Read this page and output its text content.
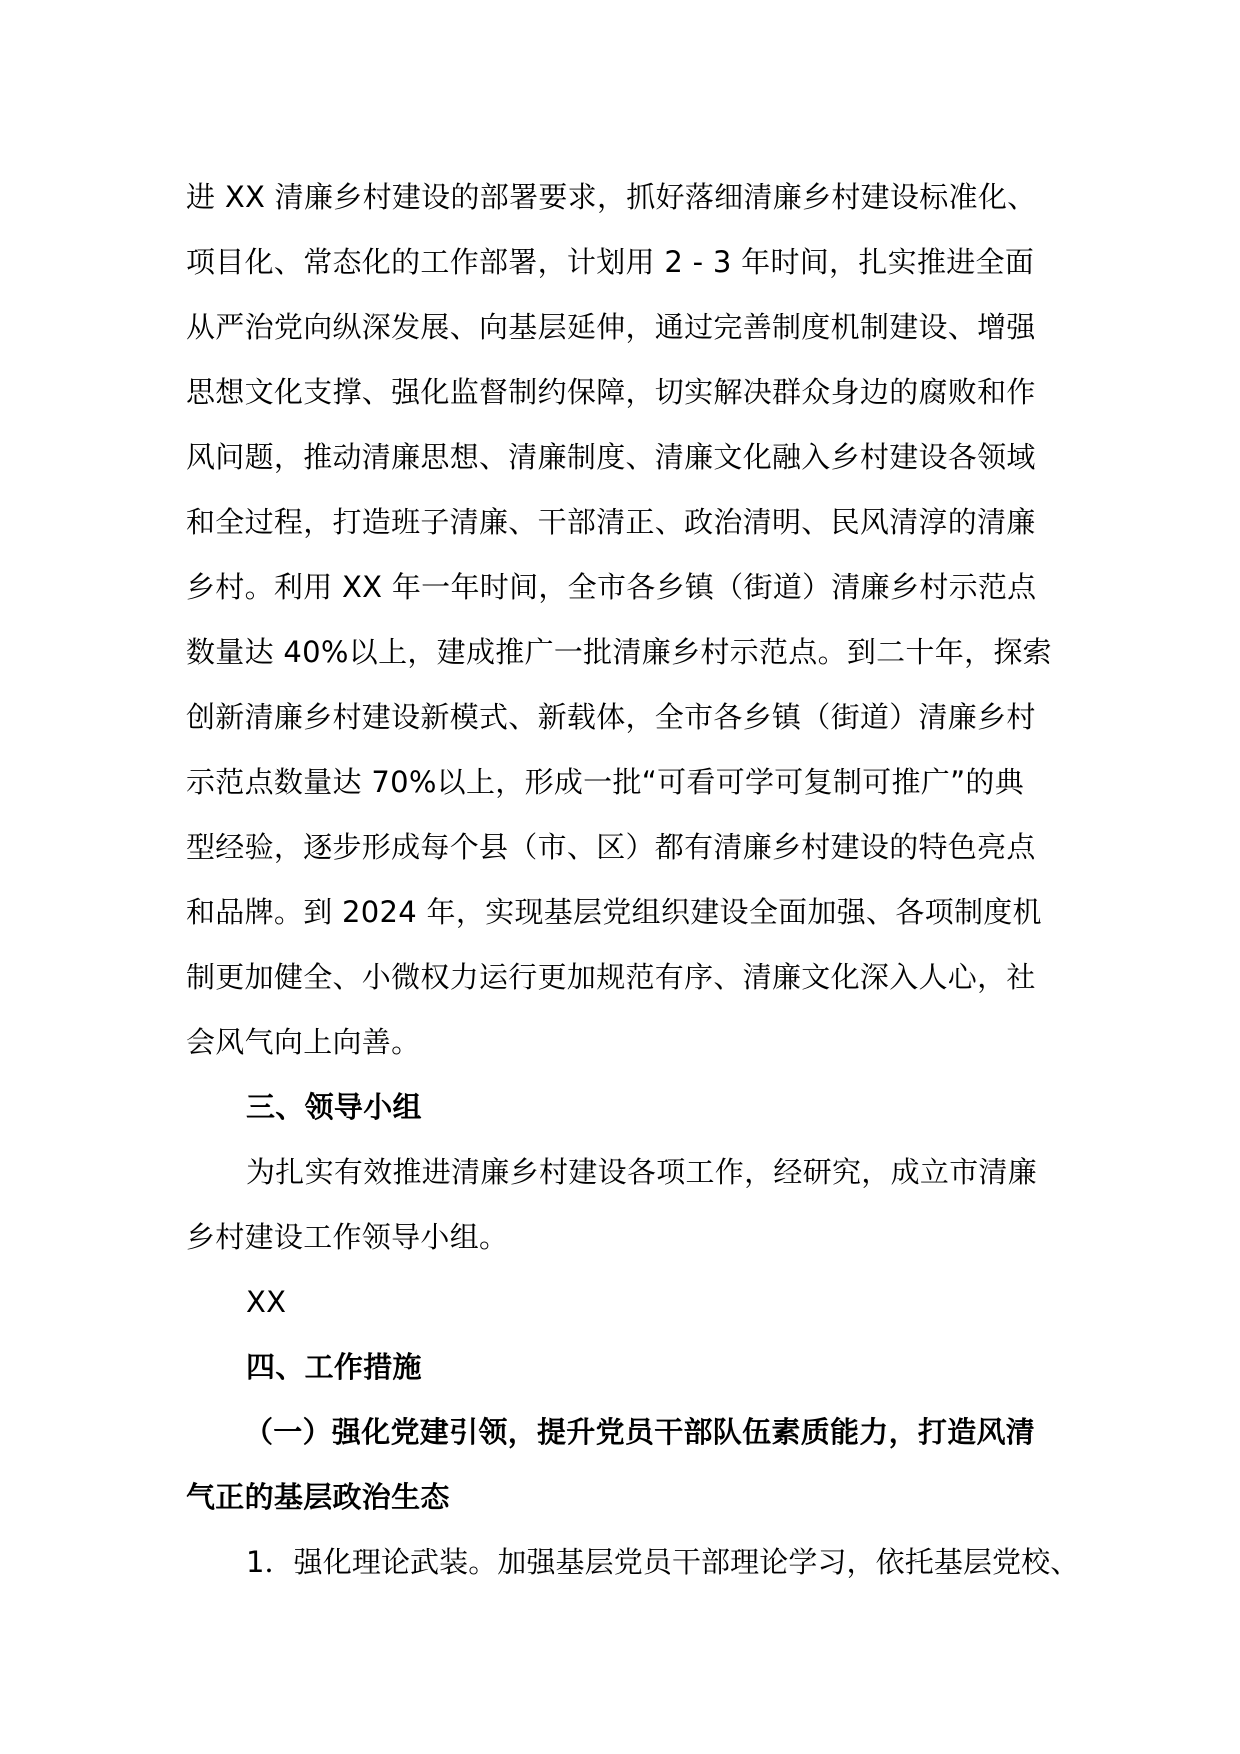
进 XX 清廉乡村建设的部署要求，抓好落细清廉乡村建设标准化、
项目化、常态化的工作部署，计划用 2 - 3 年时间，扎实推进全面
从严治党向纵深发展、向基层延伸，通过完善制度机制建设、增强
思想文化支撑、强化监督制约保障，切实解决群众身边的腐败和作
风问题，推动清廉思想、清廉制度、清廉文化融入乡村建设各领域
和全过程，打造班子清廉、干部清正、政治清明、民风清淳的清廉
乡村。利用 XX 年一年时间，全市各乡镇（街道）清廉乡村示范点
数量达 40%以上，建成推广一批清廉乡村示范点。到二十年，探索
创新清廉乡村建设新模式、新载体，全市各乡镇（街道）清廉乡村
示范点数量达 70%以上，形成一批“可看可学可复制可推广”的典
型经验，逐步形成每个县（市、区）都有清廉乡村建设的特色亮点
和品牌。到 2024 年，实现基层党组织建设全面加强、各项制度机
制更加健全、小微权力运行更加规范有序、清廉文化深入人心，社
会风气向上向善。
三、领导小组
为扎实有效推进清廉乡村建设各项工作，经研究，成立市清廉
乡村建设工作领导小组。
XX
四、工作措施
（一）强化党建引领，提升党员干部队伍素质能力，打造风清
气正的基层政治生态
1．强化理论武装。加强基层党员干部理论学习，依托基层党校、
